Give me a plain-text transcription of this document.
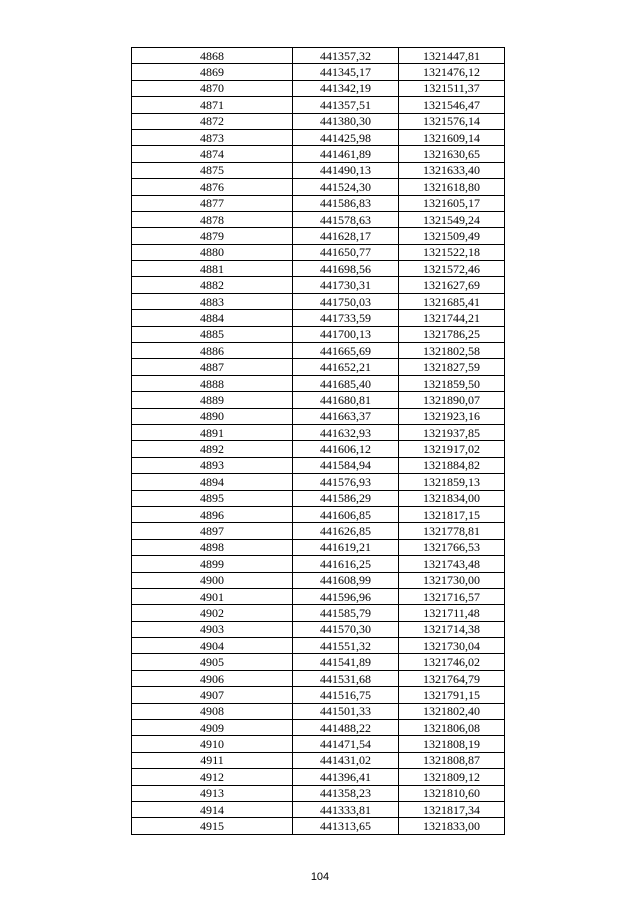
4868	441357,32	1321447,81
4869	441345,17	1321476,12
4870	441342,19	1321511,37
4871	441357,51	1321546,47
4872	441380,30	1321576,14
4873	441425,98	1321609,14
4874	441461,89	1321630,65
4875	441490,13	1321633,40
4876	441524,30	1321618,80
4877	441586,83	1321605,17
4878	441578,63	1321549,24
4879	441628,17	1321509,49
4880	441650,77	1321522,18
4881	441698,56	1321572,46
4882	441730,31	1321627,69
4883	441750,03	1321685,41
4884	441733,59	1321744,21
4885	441700,13	1321786,25
4886	441665,69	1321802,58
4887	441652,21	1321827,59
4888	441685,40	1321859,50
4889	441680,81	1321890,07
4890	441663,37	1321923,16
4891	441632,93	1321937,85
4892	441606,12	1321917,02
4893	441584,94	1321884,82
4894	441576,93	1321859,13
4895	441586,29	1321834,00
4896	441606,85	1321817,15
4897	441626,85	1321778,81
4898	441619,21	1321766,53
4899	441616,25	1321743,48
4900	441608,99	1321730,00
4901	441596,96	1321716,57
4902	441585,79	1321711,48
4903	441570,30	1321714,38
4904	441551,32	1321730,04
4905	441541,89	1321746,02
4906	441531,68	1321764,79
4907	441516,75	1321791,15
4908	441501,33	1321802,40
4909	441488,22	1321806,08
4910	441471,54	1321808,19
4911	441431,02	1321808,87
4912	441396,41	1321809,12
4913	441358,23	1321810,60
4914	441333,81	1321817,34
4915	441313,65	1321833,00
104
